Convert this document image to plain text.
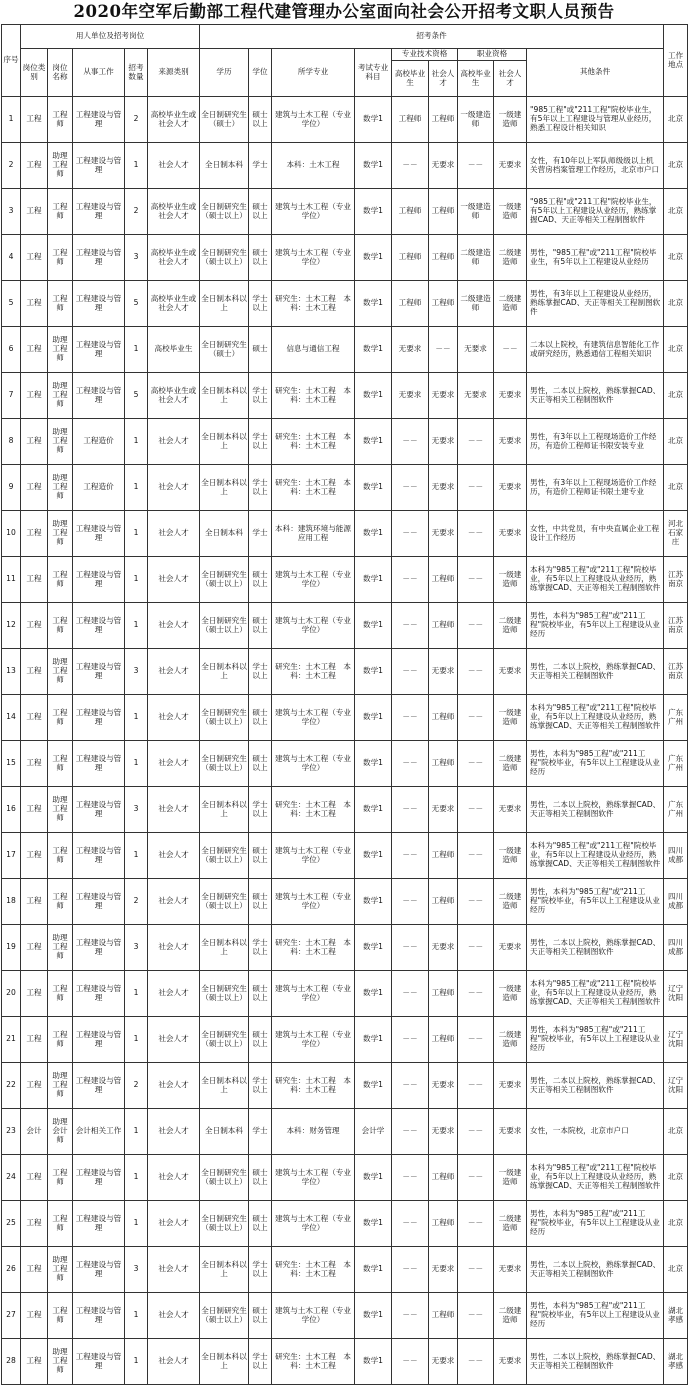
2020年空军后勤部工程代建管理办公室面向社会公开招考文职人员预告
序号	用人单位及招考岗位					招考条件									工作地点
	岗位类别	岗位名称	从事工作	招考数量	来源类别	学历	学位	所学专业	考试专业科目	专业技术资格		职业资格		其他条件	
										高校毕业生	社会人才	高校毕业生	社会人才		
1	工程	工程师	工程建设与管理	2	高校毕业生或社会人才	全日制研究生（硕士）	硕士以上	建筑与土木工程（专业学位）	数学1	工程师	工程师	一级建造师	一级建造师	"985工程"或"211工程"院校毕业生，有5年以上工程建设与管理从业经历，熟悉工程设计相关知识	北京
2	工程	助理工程师	工程建设与管理	1	社会人才	全日制本科	学士	本科：土木工程	数学1	－－	无要求	－－	无要求	女性，有10年以上军队师级级以上机关营房档案管理工作经历，北京市户口	北京
3	工程	工程师	工程建设与管理	2	高校毕业生或社会人才	全日制研究生（硕士以上）	硕士以上	建筑与土木工程（专业学位）	数学1	工程师	工程师	一级建造师	一级建造师	"985工程"或"211工程"院校毕业生，有5年以上工程建设从业经历，熟练掌握CAD、天正等相关工程制图软件	北京
4	工程	工程师	工程建设与管理	3	高校毕业生或社会人才	全日制研究生（硕士以上）	硕士以上	建筑与土木工程（专业学位）	数学1	工程师	工程师	二级建造师	二级建造师	男性，"985工程"或"211工程"院校毕业生，有5年以上工程建设从业经历	北京
5	工程	工程师	工程建设与管理	5	高校毕业生或社会人才	全日制本科以上	学士以上	研究生：土木工程　本科：土木工程	数学1	工程师	工程师	二级建造师	二级建造师	男性，有3年以上工程建设从业经历，熟练掌握CAD、天正等相关工程制图软件	北京
6	工程	助理工程师	工程建设与管理	1	高校毕业生	全日制研究生（硕士）	硕士	信息与通信工程	数学1	无要求	－－	无要求	－－	二本以上院校，有建筑信息智能化工作或研究经历，熟悉通信工程相关知识	北京
7	工程	助理工程师	工程建设与管理	5	高校毕业生或社会人才	全日制本科以上	学士以上	研究生：土木工程　本科：土木工程	数学1	无要求	无要求	无要求	无要求	男性，二本以上院校，熟练掌握CAD、天正等相关工程制图软件	北京
8	工程	助理工程师	工程造价	1	社会人才	全日制本科以上	学士以上	研究生：土木工程　本科：土木工程	数学1	－－	无要求	－－	无要求	男性，有3年以上工程现场造价工作经历，有造价工程师证书限安装专业	北京
9	工程	助理工程师	工程造价	1	社会人才	全日制本科以上	学士以上	研究生：土木工程　本科：土木工程	数学1	－－	无要求	－－	无要求	男性，有3年以上工程现场造价工作经历，有造价工程师证书限土建专业	北京
10	工程	助理工程师	工程建设与管理	1	社会人才	全日制本科	学士	本科：建筑环境与能源应用工程	数学1	－－	无要求	－－	无要求	女性，中共党员，有中央直属企业工程设计工作经历	河北石家庄
11	工程	工程师	工程建设与管理	1	社会人才	全日制研究生（硕士以上）	硕士以上	建筑与土木工程（专业学位）	数学1	－－	工程师	－－	一级建造师	本科为"985工程"或"211工程"院校毕业，有5年以上工程建设从业经历，熟练掌握CAD、天正等相关工程制图软件	江苏南京
12	工程	工程师	工程建设与管理	1	社会人才	全日制研究生（硕士以上）	硕士以上	建筑与土木工程（专业学位）	数学1	－－	工程师	－－	二级建造师	男性，本科为"985工程"或"211工程"院校毕业，有5年以上工程建设从业经历	江苏南京
13	工程	助理工程师	工程建设与管理	3	社会人才	全日制本科以上	学士以上	研究生：土木工程　本科：土木工程	数学1	－－	无要求	－－	无要求	男性，二本以上院校，熟练掌握CAD、天正等相关工程制图软件	江苏南京
14	工程	工程师	工程建设与管理	1	社会人才	全日制研究生（硕士以上）	硕士以上	建筑与土木工程（专业学位）	数学1	－－	工程师	－－	一级建造师	本科为"985工程"或"211工程"院校毕业，有5年以上工程建设从业经历，熟练掌握CAD、天正等相关工程制图软件	广东广州
15	工程	工程师	工程建设与管理	1	社会人才	全日制研究生（硕士以上）	硕士以上	建筑与土木工程（专业学位）	数学1	－－	工程师	－－	二级建造师	男性，本科为"985工程"或"211工程"院校毕业，有5年以上工程建设从业经历	广东广州
16	工程	助理工程师	工程建设与管理	3	社会人才	全日制本科以上	学士以上	研究生：土木工程　本科：土木工程	数学1	－－	无要求	－－	无要求	男性，二本以上院校，熟练掌握CAD、天正等相关工程制图软件	广东广州
17	工程	工程师	工程建设与管理	1	社会人才	全日制研究生（硕士以上）	硕士以上	建筑与土木工程（专业学位）	数学1	－－	工程师	－－	一级建造师	本科为"985工程"或"211工程"院校毕业，有5年以上工程建设从业经历，熟练掌握CAD、天正等相关工程制图软件	四川成都
18	工程	工程师	工程建设与管理	2	社会人才	全日制研究生（硕士以上）	硕士以上	建筑与土木工程（专业学位）	数学1	－－	工程师	－－	二级建造师	男性，本科为"985工程"或"211工程"院校毕业，有5年以上工程建设从业经历	四川成都
19	工程	助理工程师	工程建设与管理	3	社会人才	全日制本科以上	学士以上	研究生：土木工程　本科：土木工程	数学1	－－	无要求	－－	无要求	男性，二本以上院校，熟练掌握CAD、天正等相关工程制图软件	四川成都
20	工程	工程师	工程建设与管理	1	社会人才	全日制研究生（硕士以上）	硕士以上	建筑与土木工程（专业学位）	数学1	－－	工程师	－－	一级建造师	本科为"985工程"或"211工程"院校毕业，有5年以上工程建设从业经历，熟练掌握CAD、天正等相关工程制图软件	辽宁沈阳
21	工程	工程师	工程建设与管理	1	社会人才	全日制研究生（硕士以上）	硕士以上	建筑与土木工程（专业学位）	数学1	－－	工程师	－－	二级建造师	男性，本科为"985工程"或"211工程"院校毕业，有5年以上工程建设从业经历	辽宁沈阳
22	工程	助理工程师	工程建设与管理	2	社会人才	全日制本科以上	学士以上	研究生：土木工程　本科：土木工程	数学1	－－	无要求	－－	无要求	男性，二本以上院校，熟练掌握CAD、天正等相关工程制图软件	辽宁沈阳
23	会计	助理会计师	会计相关工作	1	社会人才	全日制本科	学士	本科：财务管理	会计学	－－	无要求	－－	无要求	女性，一本院校，北京市户口	北京
24	工程	工程师	工程建设与管理	1	社会人才	全日制研究生（硕士以上）	硕士以上	建筑与土木工程（专业学位）	数学1	－－	工程师	－－	一级建造师	本科为"985工程"或"211工程"院校毕业，有5年以上工程建设从业经历，熟练掌握CAD、天正等相关工程制图软件	北京
25	工程	工程师	工程建设与管理	1	社会人才	全日制研究生（硕士以上）	硕士以上	建筑与土木工程（专业学位）	数学1	－－	工程师	－－	二级建造师	男性，本科为"985工程"或"211工程"院校毕业，有5年以上工程建设从业经历	北京
26	工程	助理工程师	工程建设与管理	3	社会人才	全日制本科以上	学士以上	研究生：土木工程　本科：土木工程	数学1	－－	无要求	－－	无要求	男性，二本以上院校，熟练掌握CAD、天正等相关工程制图软件	北京
27	工程	工程师	工程建设与管理	1	社会人才	全日制研究生（硕士以上）	硕士以上	建筑与土木工程（专业学位）	数学1	－－	工程师	－－	二级建造师	男性，本科为"985工程"或"211工程"院校毕业，有5年以上工程建设从业经历	湖北孝感
28	工程	助理工程师	工程建设与管理	1	社会人才	全日制本科以上	学士以上	研究生：土木工程　本科：土木工程	数学1	－－	无要求	－－	无要求	男性，二本以上院校，熟练掌握CAD、天正等相关工程制图软件	湖北孝感
